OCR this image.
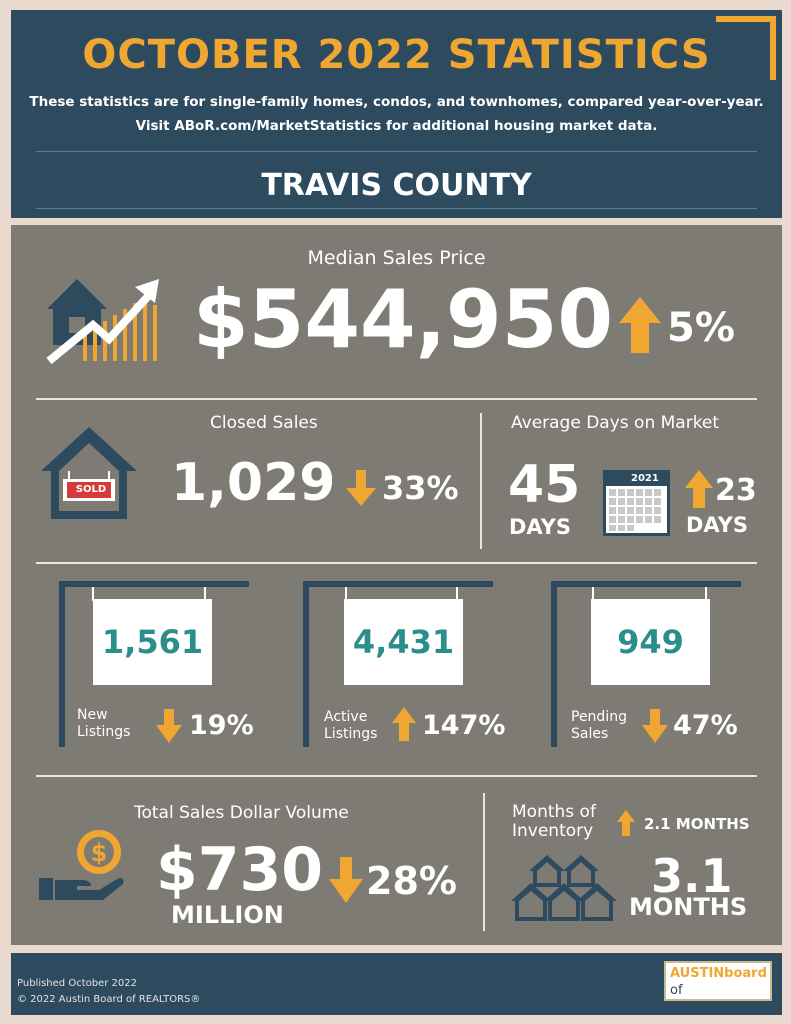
OCTOBER 2022 STATISTICS
These statistics are for single-family homes, condos, and townhomes, compared year-over-year.
Visit ABoR.com/MarketStatistics for additional housing market data.
TRAVIS COUNTY
Median Sales Price
$544,950 5%
Closed Sales
SOLD 1,029 33%
Average Days on Market
45
DAYS
2021 23
DAYS
1,561
New
Listings 19%
4,431
Active
Listings 147%
949
Pending
Sales	47%
Total Sales Dollar Volume
$ $730
MILLION
28%
Months of
Inventory	2.1 MONTHS
3.1
MONTHS
Published October 2022
© 2022 Austin Board of REALTORS®
AUSTINboard
of REALTORS®
